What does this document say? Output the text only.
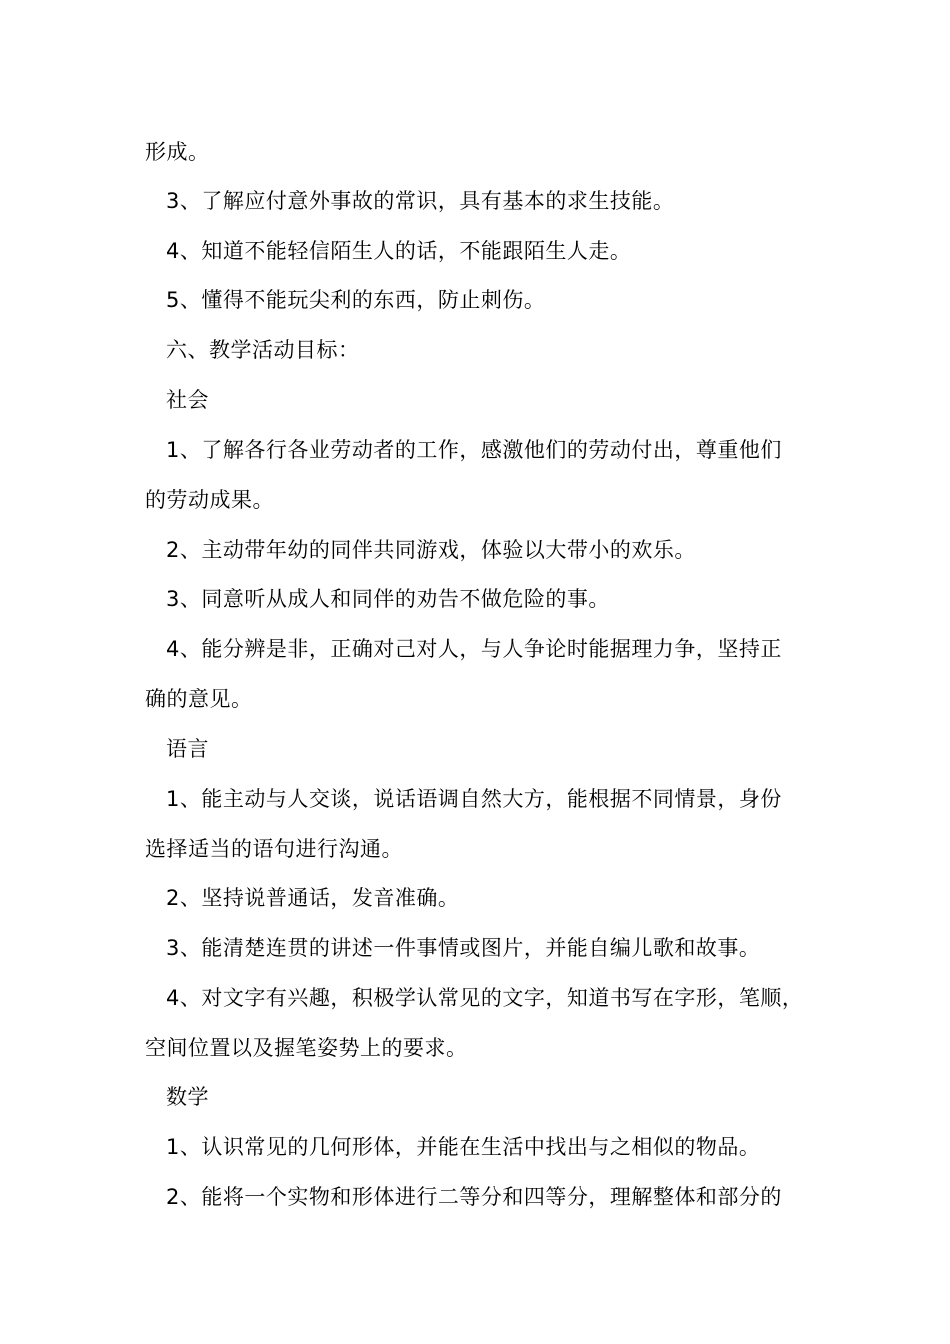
形成。
3、了解应付意外事故的常识，具有基本的求生技能。
4、知道不能轻信陌生人的话，不能跟陌生人走。
5、懂得不能玩尖利的东西，防止刺伤。
六、教学活动目标：
社会
1、了解各行各业劳动者的工作，感激他们的劳动付出，尊重他们
的劳动成果。
2、主动带年幼的同伴共同游戏，体验以大带小的欢乐。
3、同意听从成人和同伴的劝告不做危险的事。
4、能分辨是非，正确对己对人，与人争论时能据理力争，坚持正
确的意见。
语言
1、能主动与人交谈，说话语调自然大方，能根据不同情景，身份
选择适当的语句进行沟通。
2、坚持说普通话，发音准确。
3、能清楚连贯的讲述一件事情或图片，并能自编儿歌和故事。
4、对文字有兴趣，积极学认常见的文字，知道书写在字形，笔顺，
空间位置以及握笔姿势上的要求。
数学
1、认识常见的几何形体，并能在生活中找出与之相似的物品。
2、能将一个实物和形体进行二等分和四等分，理解整体和部分的
